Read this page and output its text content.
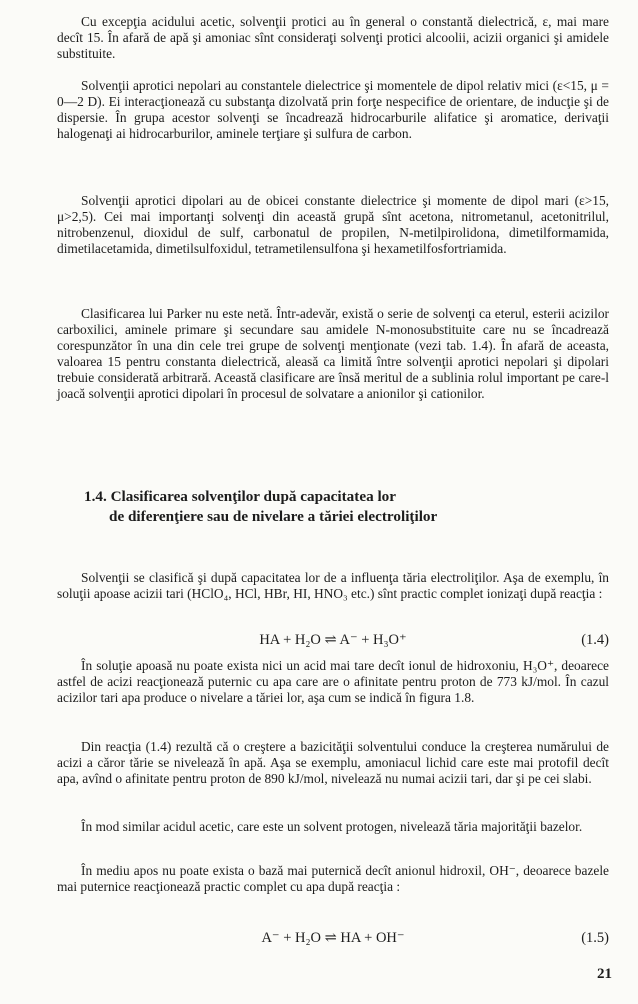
Cu excepţia acidului acetic, solvenţii protici au în general o constantă dielectrică, ε, mai mare decît 15. În afară de apă şi amoniac sînt consideraţi solvenţi protici alcoolii, acizii organici şi amidele substituite.

Solvenţii aprotici nepolari au constantele dielectrice şi momentele de dipol relativ mici (ε<15, μ = 0—2 D). Ei interacţionează cu substanţa dizolvată prin forţe nespecifice de orientare, de inducţie şi de dispersie. În grupa acestor solvenţi se încadrează hidrocarburile alifatice şi aromatice, derivaţii halogenaţi ai hidrocarburilor, aminele terţiare şi sulfura de carbon.

Solvenţii aprotici dipolari au de obicei constante dielectrice şi momente de dipol mari (ε>15, μ>2,5). Cei mai importanţi solvenţi din această grupă sînt acetona, nitrometanul, acetonitrilul, nitrobenzenul, dioxidul de sulf, carbonatul de propilen, N-metilpirolidona, dimetilformamida, dimetilacetamida, dimetilsulfoxidul, tetrametilensulfona şi hexametilfosfortriamida.

Clasificarea lui Parker nu este netă. Într-adevăr, există o serie de solvenţi ca eterul, esterii acizilor carboxilici, aminele primare şi secundare sau amidele N-monosubstituite care nu se încadrează corespunzător în una din cele trei grupe de solvenţi menţionate (vezi tab. 1.4). În afară de aceasta, valoarea 15 pentru constanta dielectrică, aleasă ca limită între solvenţii aprotici nepolari şi dipolari trebuie considerată arbitrară. Această clasificare are însă meritul de a sublinia rolul important pe care-l joacă solvenţii aprotici dipolari în procesul de solvatare a anionilor şi cationilor.

1.4. Clasificarea solvenţilor după capacitatea lor
de diferenţiere sau de nivelare a tăriei electroliţilor

Solvenţii se clasifică şi după capacitatea lor de a influenţa tăria electroliţilor. Aşa de exemplu, în soluţii apoase acizii tari (HClO₄, HCl, HBr, HI, HNO₃ etc.) sînt practic complet ionizaţi după reacţia :

HA + H₂O ⇌ A⁻ + H₃O⁺	(1.4)

În soluţie apoasă nu poate exista nici un acid mai tare decît ionul de hidroxoniu, H₃O⁺, deoarece astfel de acizi reacţionează puternic cu apa care are o afinitate pentru proton de 773 kJ/mol. În cazul acizilor tari apa produce o nivelare a tăriei lor, aşa cum se indică în figura 1.8.

Din reacţia (1.4) rezultă că o creştere a bazicităţii solventului conduce la creşterea numărului de acizi a căror tărie se nivelează în apă. Aşa se exemplu, amoniacul lichid care este mai protofil decît apa, avînd o afinitate pentru proton de 890 kJ/mol, nivelează nu numai acizii tari, dar şi pe cei slabi.

În mod similar acidul acetic, care este un solvent protogen, nivelează tăria majorităţii bazelor.

În mediu apos nu poate exista o bază mai puternică decît anionul hidroxil, OH⁻, deoarece bazele mai puternice reacţionează practic complet cu apa după reacţia :

A⁻ + H₂O ⇌ HA + OH⁻	(1.5)
21
